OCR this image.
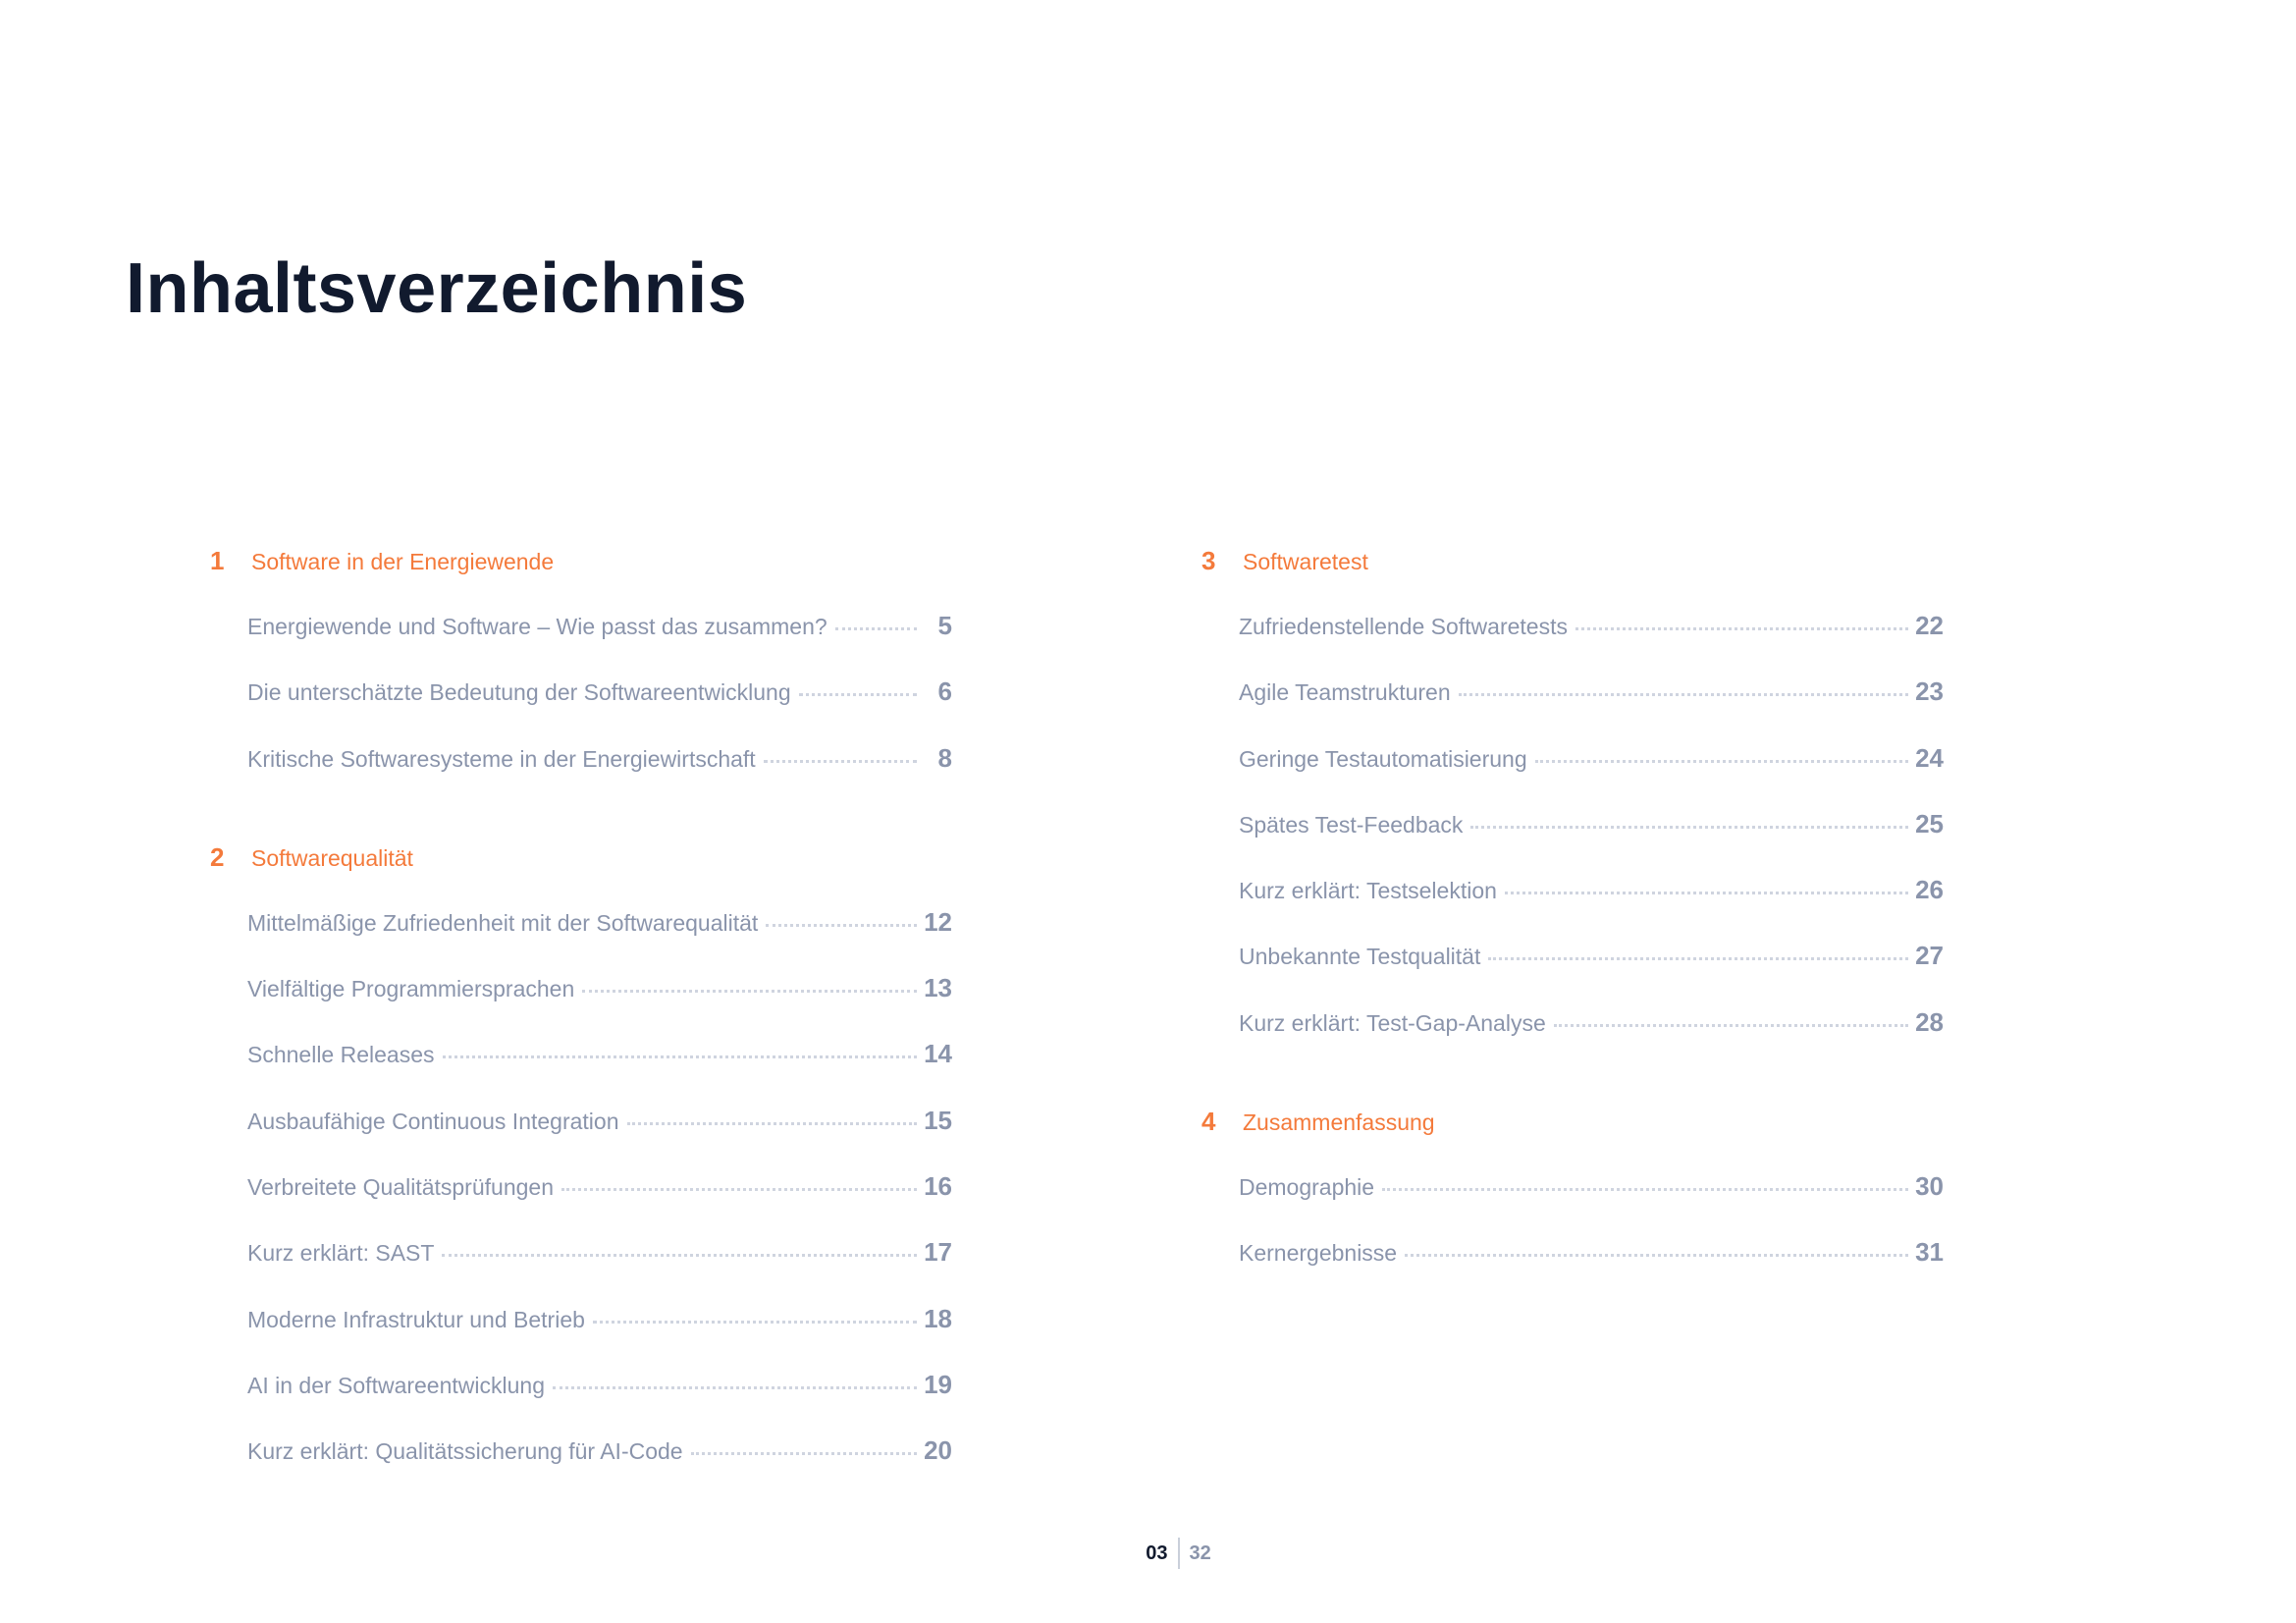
Inhaltsverzeichnis
1	Software in der Energiewende
Energiewende und Software – Wie passt das zusammen?	5
Die unterschätzte Bedeutung der Softwareentwicklung	6
Kritische Softwaresysteme in der Energiewirtschaft	8
2	Softwarequalität
Mittelmäßige Zufriedenheit mit der Softwarequalität	12
Vielfältige Programmiersprachen	13
Schnelle Releases	14
Ausbaufähige Continuous Integration	15
Verbreitete Qualitätsprüfungen	16
Kurz erklärt: SAST	17
Moderne Infrastruktur und Betrieb	18
AI in der Softwareentwicklung	19
Kurz erklärt: Qualitätssicherung für AI-Code	20
3	Softwaretest
Zufriedenstellende Softwaretests	22
Agile Teamstrukturen	23
Geringe Testautomatisierung	24
Spätes Test-Feedback	25
Kurz erklärt: Testselektion	26
Unbekannte Testqualität	27
Kurz erklärt: Test-Gap-Analyse	28
4	Zusammenfassung
Demographie	30
Kernergebnisse	31
03	32
